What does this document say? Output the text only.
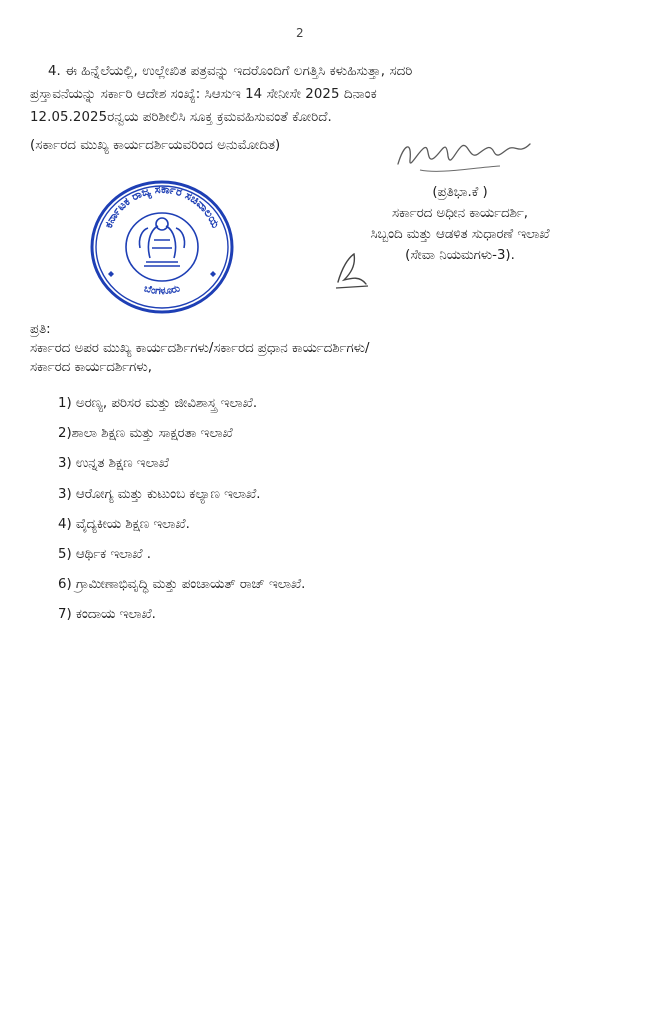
2
4. ಈ ಹಿನ್ನೆಲೆಯಲ್ಲಿ, ಉಲ್ಲೇಖಿತ ಪತ್ರವನ್ನು ಇದರೊಂದಿಗೆ ಲಗತ್ತಿಸಿ ಕಳುಹಿಸುತ್ತಾ, ಸದರಿ
ಪ್ರಸ್ತಾವನೆಯನ್ನು ಸರ್ಕಾರಿ ಆದೇಶ ಸಂಖ್ಯೆ: ಸಿಆಸುಇ 14 ಸೇನೀಸೇ 2025 ದಿನಾಂಕ
12.05.2025ರನ್ವಯ ಪರಿಶೀಲಿಸಿ ಸೂಕ್ತ ಕ್ರಮವಹಿಸುವಂತೆ ಕೋರಿದೆ.
(ಸರ್ಕಾರದ ಮುಖ್ಯ ಕಾರ್ಯದರ್ಶಿಯವರಿಂದ ಅನುಮೋದಿತ)
(ಪ್ರತಿಭಾ.ಕೆ )
ಸರ್ಕಾರದ ಅಧೀನ ಕಾರ್ಯದರ್ಶಿ,
ಸಿಬ್ಬಂದಿ ಮತ್ತು ಆಡಳಿತ ಸುಧಾರಣೆ ಇಲಾಖೆ
(ಸೇವಾ ನಿಯಮಗಳು-3).
ಕರ್ನಾಟಕ ರಾಜ್ಯ ಸರ್ಕಾರ ಸಚಿವಾಲಯ
ಬೆಂಗಳೂರು
ಪ್ರತಿ:
ಸರ್ಕಾರದ ಅಪರ ಮುಖ್ಯ ಕಾರ್ಯದರ್ಶಿಗಳು/ಸರ್ಕಾರದ ಪ್ರಧಾನ ಕಾರ್ಯದರ್ಶಿಗಳು/
ಸರ್ಕಾರದ ಕಾರ್ಯದರ್ಶಿಗಳು,
1) ಅರಣ್ಯ, ಪರಿಸರ ಮತ್ತು ಜೀವಿಶಾಸ್ತ್ರ ಇಲಾಖೆ.
2)ಶಾಲಾ ಶಿಕ್ಷಣ ಮತ್ತು ಸಾಕ್ಷರತಾ ಇಲಾಖೆ
3) ಉನ್ನತ ಶಿಕ್ಷಣ ಇಲಾಖೆ
3) ಆರೋಗ್ಯ ಮತ್ತು ಕುಟುಂಬ ಕಲ್ಯಾಣ ಇಲಾಖೆ.
4) ವೈದ್ಯಕೀಯ ಶಿಕ್ಷಣ ಇಲಾಖೆ.
5) ಆರ್ಥಿಕ ಇಲಾಖೆ .
6) ಗ್ರಾಮೀಣಾಭಿವೃದ್ಧಿ ಮತ್ತು ಪಂಚಾಯತ್ ರಾಜ್ ಇಲಾಖೆ.
7) ಕಂದಾಯ ಇಲಾಖೆ.
